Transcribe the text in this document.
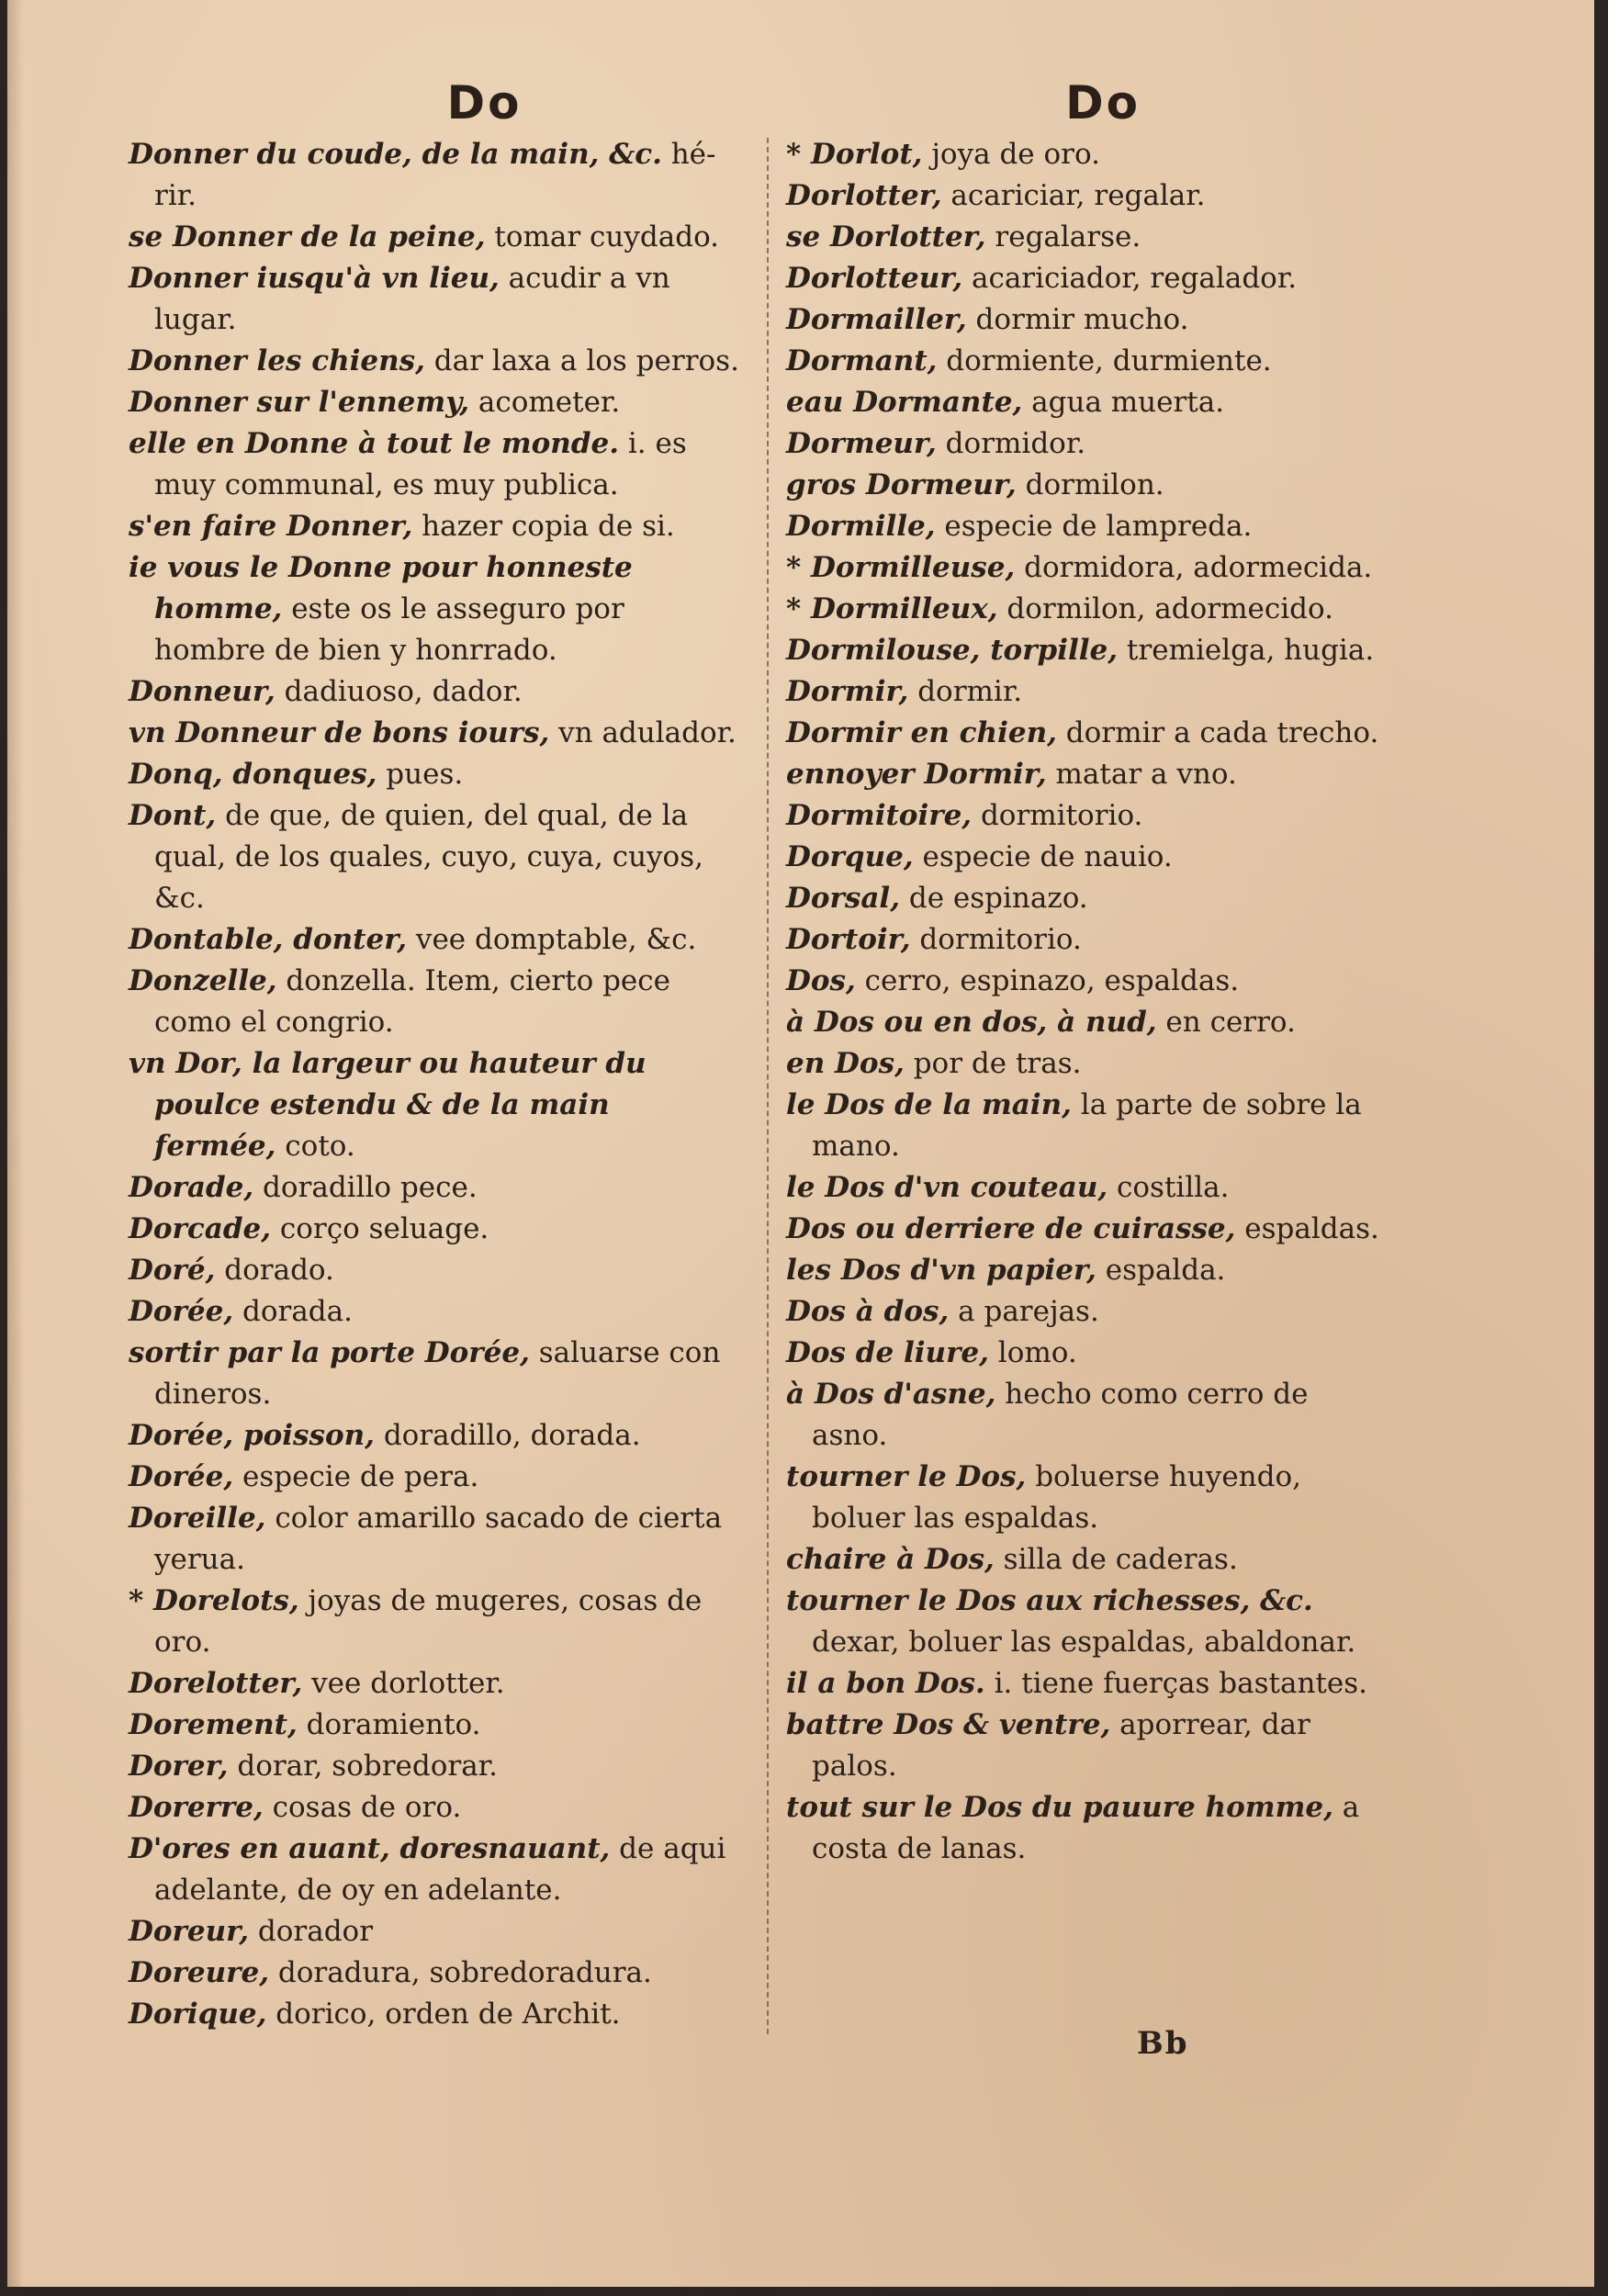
Do
Donner du coude, de la main, &c. hé-rir.
se Donner de la peine, tomar cuydado.
Donner iusqu'à vn lieu, acudir a vn lugar.
Donner les chiens, dar laxa a los perros.
Donner sur l'ennemy, acometer.
elle en Donne à tout le monde. i. es muy communal, es muy publica.
s'en faire Donner, hazer copia de si.
ie vous le Donne pour honneste homme, este os le asseguro por hombre de bien y honrrado.
Donneur, dadiuoso, dador.
vn Donneur de bons iours, vn adulador.
Donq, donques, pues.
Dont, de que, de quien, del qual, de la qual, de los quales, cuyo, cuya, cuyos, &c.
Dontable, donter, vee domptable, &c.
Donzelle, donzella. Item, cierto pece como el congrio.
vn Dor, la largeur ou hauteur du poulce estendu & de la main fermée, coto.
Dorade, doradillo pece.
Dorcade, corço seluage.
Doré, dorado.
Dorée, dorada.
sortir par la porte Dorée, saluarse con dineros.
Dorée, poisson, doradillo, dorada.
Dorée, especie de pera.
Doreille, color amarillo sacado de cierta yerua.
* Dorelots, joyas de mugeres, cosas de oro.
Dorelotter, vee dorlotter.
Dorement, doramiento.
Dorer, dorar, sobredorar.
Dorerre, cosas de oro.
D'ores en auant, doresnauant, de aqui adelante, de oy en adelante.
Doreur, dorador
Doreure, doradura, sobredoradura.
Dorique, dorico, orden de Archit.
Do
* Dorlot, joya de oro.
Dorlotter, acariciar, regalar.
se Dorlotter, regalarse.
Dorlotteur, acariciador, regalador.
Dormailler, dormir mucho.
Dormant, dormiente, durmiente.
eau Dormante, agua muerta.
Dormeur, dormidor.
gros Dormeur, dormilon.
Dormille, especie de lampreda.
* Dormilleuse, dormidora, adormecida.
* Dormilleux, dormilon, adormecido.
Dormilouse, torpille, tremielga, hugia.
Dormir, dormir.
Dormir en chien, dormir a cada trecho.
ennoyer Dormir, matar a vno.
Dormitoire, dormitorio.
Dorque, especie de nauio.
Dorsal, de espinazo.
Dortoir, dormitorio.
Dos, cerro, espinazo, espaldas.
à Dos ou en dos, à nud, en cerro.
en Dos, por de tras.
le Dos de la main, la parte de sobre la mano.
le Dos d'vn couteau, costilla.
Dos ou derriere de cuirasse, espaldas.
les Dos d'vn papier, espalda.
Dos à dos, a parejas.
Dos de liure, lomo.
à Dos d'asne, hecho como cerro de asno.
tourner le Dos, boluerse huyendo, boluer las espaldas.
chaire à Dos, silla de caderas.
tourner le Dos aux richesses, &c. dexar, boluer las espaldas, abaldonar.
il a bon Dos. i. tiene fuerças bastantes.
battre Dos & ventre, aporrear, dar palos.
tout sur le Dos du pauure homme, a costa de lanas.
Bb
